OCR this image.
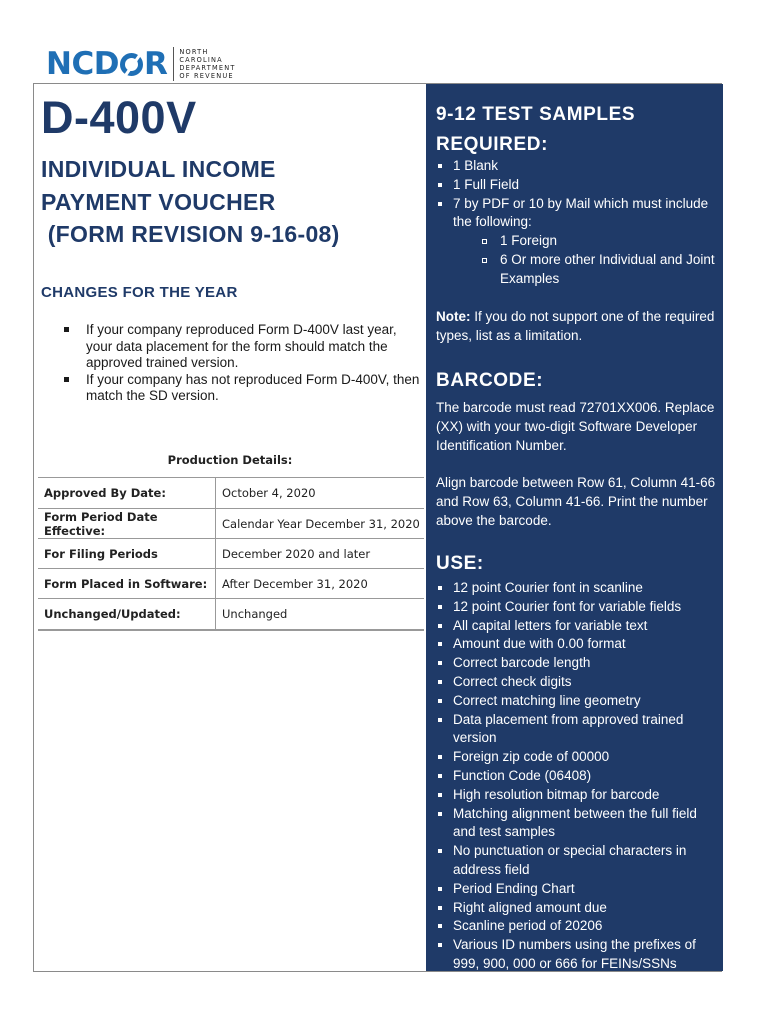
NCD R NORTH
CAROLINA
DEPARTMENT
OF REVENUE
D-400V
INDIVIDUAL INCOME
PAYMENT VOUCHER
(FORM REVISION 9-16-08)
CHANGES FOR THE YEAR
If your company reproduced Form D-400V last year, your data placement for the form should match the approved trained version.
If your company has not reproduced Form D-400V, then match the SD version.
Production Details:
Approved By Date:	October 4, 2020
Form Period Date Effective:	Calendar Year December 31, 2020
For Filing Periods	December 2020 and later
Form Placed in Software:	After December 31, 2020
Unchanged/Updated:	Unchanged
9-12 TEST SAMPLES
REQUIRED:
1 Blank
1 Full Field
7 by PDF or 10 by Mail which must include the following:
1 Foreign
6 Or more other Individual and Joint Examples

Note: If you do not support one of the required types, list as a limitation.

BARCODE:

The barcode must read 72701XX006. Replace (XX) with your two-digit Software Developer Identification Number.

Align barcode between Row 61, Column 41-66 and Row 63, Column 41-66. Print the number above the barcode.

USE:
12 point Courier font in scanline
12 point Courier font for variable fields
All capital letters for variable text
Amount due with 0.00 format
Correct barcode length
Correct check digits
Correct matching line geometry
Data placement from approved trained version
Foreign zip code of 00000
Function Code (06408)
High resolution bitmap for barcode
Matching alignment between the full field and test samples
No punctuation or special characters in address field
Period Ending Chart
Right aligned amount due
Scanline period of 20206
Various ID numbers using the prefixes of 999, 900, 000 or 666 for FEINs/SSNs
